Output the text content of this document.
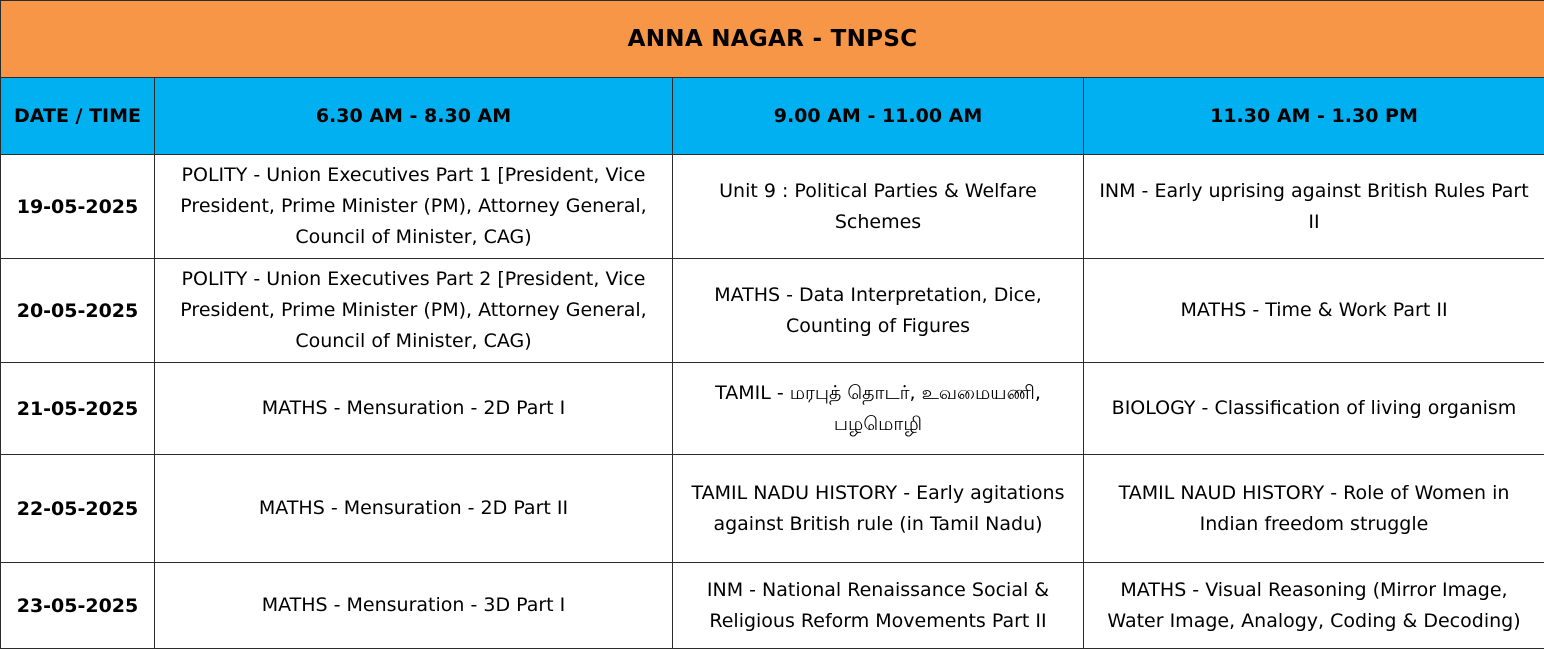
ANNA NAGAR - TNPSC			
DATE / TIME	6.30 AM - 8.30 AM	9.00 AM - 11.00 AM	11.30 AM - 1.30 PM
19-05-2025	POLITY - Union Executives Part 1 [President, Vice President, Prime Minister (PM), Attorney General, Council of Minister, CAG)	Unit 9 : Political Parties & Welfare Schemes	INM - Early uprising against British Rules Part II
20-05-2025	POLITY - Union Executives Part 2 [President, Vice President, Prime Minister (PM), Attorney General, Council of Minister, CAG)	MATHS - Data Interpretation, Dice, Counting of Figures	MATHS - Time & Work Part II
21-05-2025	MATHS - Mensuration - 2D Part I	TAMIL - மரபுத் தொடர், உவமையணி, பழமொழி	BIOLOGY - Classification of living organism
22-05-2025	MATHS - Mensuration - 2D Part II	TAMIL NADU HISTORY - Early agitations against British rule (in Tamil Nadu)	TAMIL NAUD HISTORY - Role of Women in Indian freedom struggle
23-05-2025	MATHS - Mensuration - 3D Part I	INM - National Renaissance Social & Religious Reform Movements Part II	MATHS - Visual Reasoning (Mirror Image, Water Image, Analogy, Coding & Decoding)
